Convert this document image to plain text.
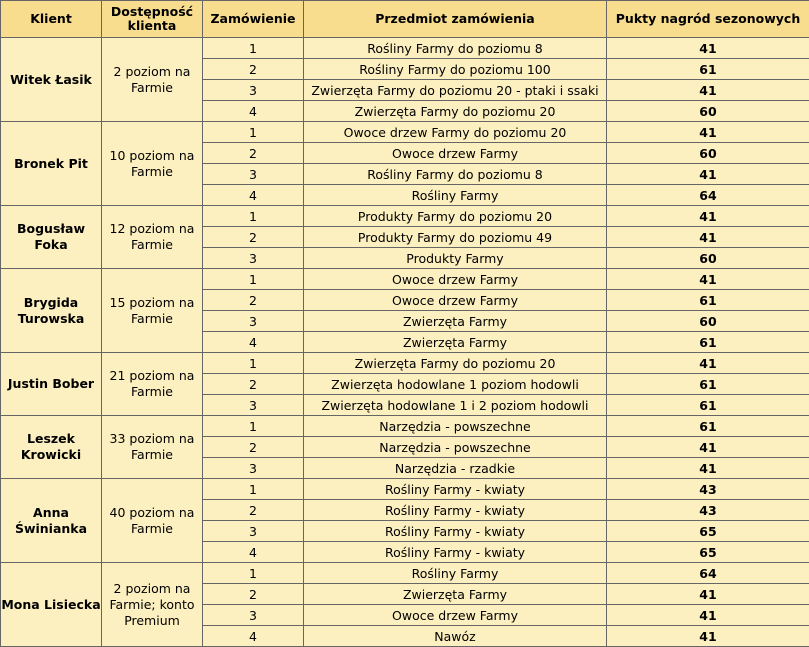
Klient	Dostępność klienta	Zamówienie	Przedmiot zamówienia	Pukty nagród sezonowych
Witek Łasik	2 poziom na Farmie	1	Rośliny Farmy do poziomu 8	41
		2	Rośliny Farmy do poziomu 100	61
		3	Zwierzęta Farmy do poziomu 20 - ptaki i ssaki	41
		4	Zwierzęta Farmy do poziomu 20	60
Bronek Pit	10 poziom na Farmie	1	Owoce drzew Farmy do poziomu 20	41
		2	Owoce drzew Farmy	60
		3	Rośliny Farmy do poziomu 8	41
		4	Rośliny Farmy	64
Bogusław Foka	12 poziom na Farmie	1	Produkty Farmy do poziomu 20	41
		2	Produkty Farmy do poziomu 49	41
		3	Produkty Farmy	60
Brygida Turowska	15 poziom na Farmie	1	Owoce drzew Farmy	41
		2	Owoce drzew Farmy	61
		3	Zwierzęta Farmy	60
		4	Zwierzęta Farmy	61
Justin Bober	21 poziom na Farmie	1	Zwierzęta Farmy do poziomu 20	41
		2	Zwierzęta hodowlane 1 poziom hodowli	61
		3	Zwierzęta hodowlane 1 i 2 poziom hodowli	61
Leszek Krowicki	33 poziom na Farmie	1	Narzędzia - powszechne	61
		2	Narzędzia - powszechne	41
		3	Narzędzia - rzadkie	41
Anna Świnianka	40 poziom na Farmie	1	Rośliny Farmy - kwiaty	43
		2	Rośliny Farmy - kwiaty	43
		3	Rośliny Farmy - kwiaty	65
		4	Rośliny Farmy - kwiaty	65
Mona Lisiecka	2 poziom na Farmie; konto Premium	1	Rośliny Farmy	64
		2	Zwierzęta Farmy	41
		3	Owoce drzew Farmy	41
		4	Nawóz	41
